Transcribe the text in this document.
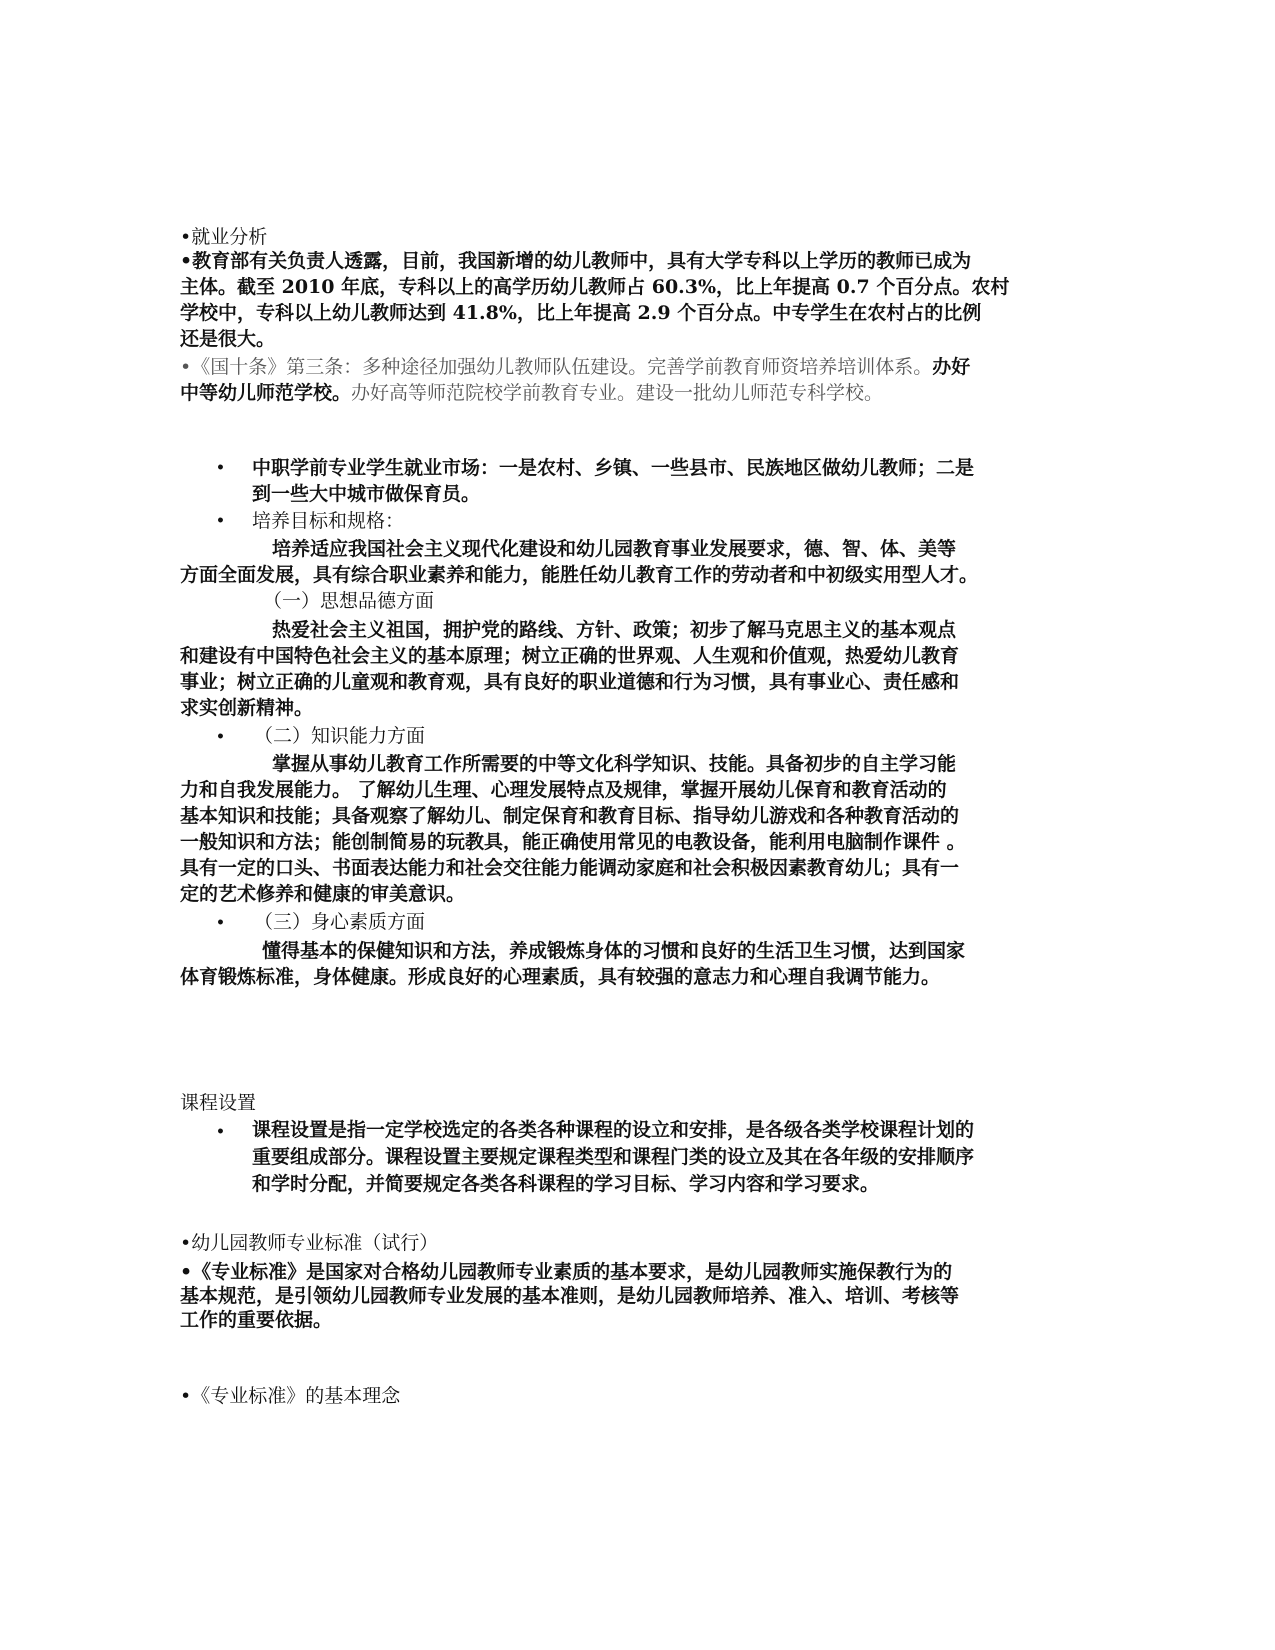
•就业分析
•教育部有关负责人透露，目前，我国新增的幼儿教师中，具有大学专科以上学历的教师已成为
主体。截至 2010 年底，专科以上的高学历幼儿教师占 60.3%，比上年提高 0.7 个百分点。农村
学校中，专科以上幼儿教师达到 41.8%，比上年提高 2.9 个百分点。中专学生在农村占的比例
还是很大。
•《国十条》第三条：多种途径加强幼儿教师队伍建设。完善学前教育师资培养培训体系。办好
中等幼儿师范学校。办好高等师范院校学前教育专业。建设一批幼儿师范专科学校。
• 中职学前专业学生就业市场：一是农村、乡镇、一些县市、民族地区做幼儿教师；二是
到一些大中城市做保育员。
• 培养目标和规格：
培养适应我国社会主义现代化建设和幼儿园教育事业发展要求，德、智、体、美等
方面全面发展，具有综合职业素养和能力，能胜任幼儿教育工作的劳动者和中初级实用型人才。
（一）思想品德方面
热爱社会主义祖国，拥护党的路线、方针、政策；初步了解马克思主义的基本观点
和建设有中国特色社会主义的基本原理；树立正确的世界观、人生观和价值观，热爱幼儿教育
事业；树立正确的儿童观和教育观，具有良好的职业道德和行为习惯，具有事业心、责任感和
求实创新精神。
• （二）知识能力方面
掌握从事幼儿教育工作所需要的中等文化科学知识、技能。具备初步的自主学习能
力和自我发展能力。 了解幼儿生理、心理发展特点及规律，掌握开展幼儿保育和教育活动的
基本知识和技能；具备观察了解幼儿、制定保育和教育目标、指导幼儿游戏和各种教育活动的
一般知识和方法；能创制简易的玩教具，能正确使用常见的电教设备，能利用电脑制作课件 。
具有一定的口头、书面表达能力和社会交往能力能调动家庭和社会积极因素教育幼儿；具有一
定的艺术修养和健康的审美意识。
• （三）身心素质方面
懂得基本的保健知识和方法，养成锻炼身体的习惯和良好的生活卫生习惯，达到国家
体育锻炼标准，身体健康。形成良好的心理素质，具有较强的意志力和心理自我调节能力。
课程设置
• 课程设置是指一定学校选定的各类各种课程的设立和安排，是各级各类学校课程计划的
重要组成部分。课程设置主要规定课程类型和课程门类的设立及其在各年级的安排顺序
和学时分配，并简要规定各类各科课程的学习目标、学习内容和学习要求。
•幼儿园教师专业标准（试行）
•《专业标准》是国家对合格幼儿园教师专业素质的基本要求，是幼儿园教师实施保教行为的
基本规范，是引领幼儿园教师专业发展的基本准则，是幼儿园教师培养、准入、培训、考核等
工作的重要依据。
•《专业标准》的基本理念
